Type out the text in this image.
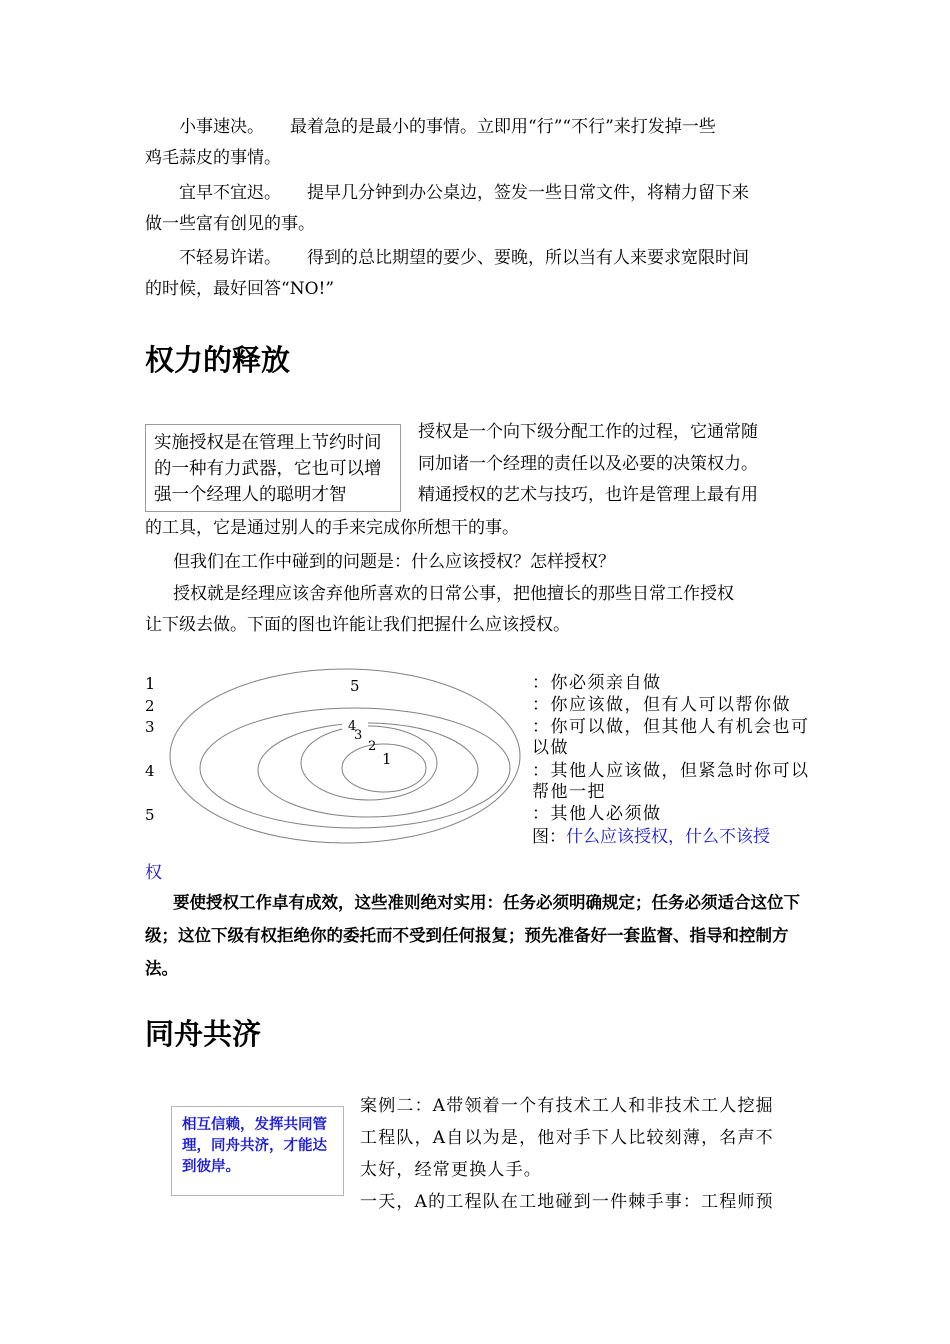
小事速决。 最着急的是最小的事情。立即用“行”“不行”来打发掉一些
鸡毛蒜皮的事情。
宜早不宜迟。 提早几分钟到办公桌边，签发一些日常文件，将精力留下来
做一些富有创见的事。
不轻易许诺。 得到的总比期望的要少、要晚，所以当有人来要求宽限时间
的时候，最好回答“NO!”
权力的释放
实施授权是在管理上节约时间的一种有力武器，它也可以增强一个经理人的聪明才智
授权是一个向下级分配工作的过程，它通常随
同加诸一个经理的责任以及必要的决策权力。
精通授权的艺术与技巧，也许是管理上最有用
的工具，它是通过别人的手来完成你所想干的事。
但我们在工作中碰到的问题是：什么应该授权？怎样授权？
授权就是经理应该舍弃他所喜欢的日常公事，把他擅长的那些日常工作授权
让下级去做。下面的图也许能让我们把握什么应该授权。
1
2
3
4
5
5
4
3
2
1
：你必须亲自做
：你应该做，但有人可以帮你做
：你可以做，但其他人有机会也可以做
：其他人应该做，但紧急时你可以帮他一把
：其他人必须做
图：什么应该授权，什么不该授
权
要使授权工作卓有成效，这些准则绝对实用：任务必须明确规定；任务必须适合这位下级；这位下级有权拒绝你的委托而不受到任何报复；预先准备好一套监督、指导和控制方法。
同舟共济
相互信赖，发挥共同管理，同舟共济，才能达到彼岸。
案例二：A带领着一个有技术工人和非技术工人挖掘
工程队，A自以为是，他对手下人比较刻薄，名声不
太好，经常更换人手。
一天，A的工程队在工地碰到一件棘手事：工程师预
